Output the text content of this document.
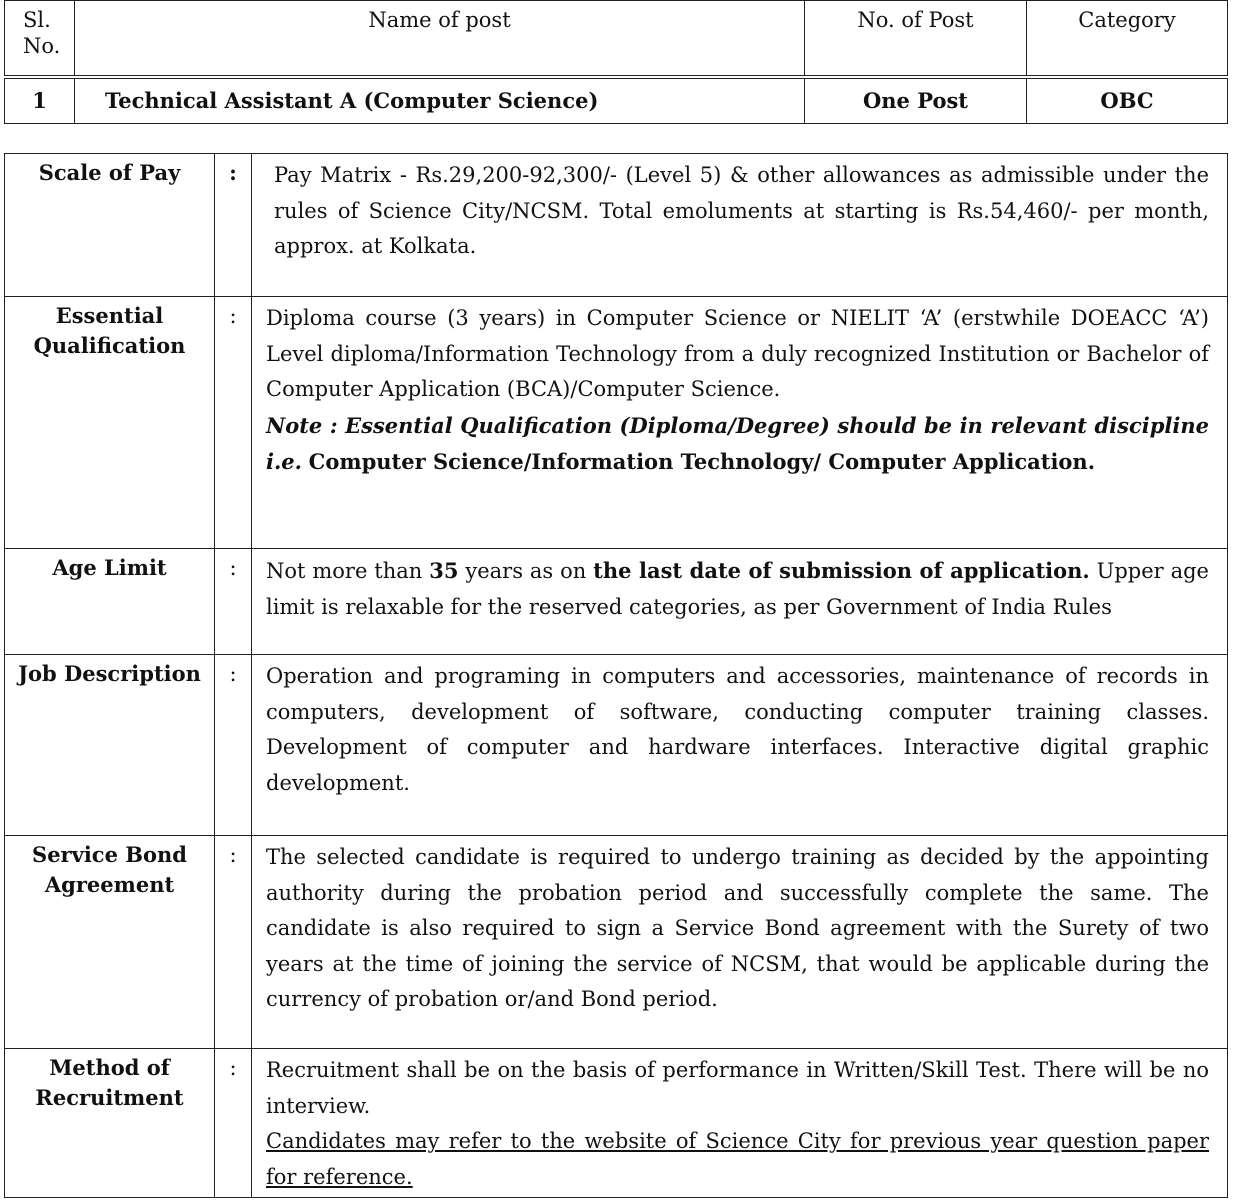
Sl.
No.	Name of post	No. of Post	Category
1	Technical Assistant A (Computer Science)	One Post	OBC
Scale of Pay	:	Pay Matrix - Rs.29,200-92,300/- (Level 5) & other allowances as admissible under the rules of Science City/NCSM. Total emoluments at starting is Rs.54,460/- per month, approx. at Kolkata.
Essential Qualification	:	Diploma course (3 years) in Computer Science or NIELIT ‘A’ (erstwhile DOEACC ‘A’) Level diploma/Information Technology from a duly recognized Institution or Bachelor of Computer Application (BCA)/Computer Science.
Note : Essential Qualification (Diploma/Degree) should be in relevant discipline i.e. Computer Science/Information Technology/ Computer Application.

Age Limit	:	Not more than 35 years as on the last date of submission of application. Upper age limit is relaxable for the reserved categories, as per Government of India Rules
Job Description	:	Operation and programing in computers and accessories, maintenance of records in computers, development of software, conducting computer training classes. Development of computer and hardware interfaces. Interactive digital graphic development.
Service Bond Agreement	:	The selected candidate is required to undergo training as decided by the appointing authority during the probation period and successfully complete the same. The candidate is also required to sign a Service Bond agreement with the Surety of two years at the time of joining the service of NCSM, that would be applicable during the currency of probation or/and Bond period.
Method of Recruitment	:	Recruitment shall be on the basis of performance in Written/Skill Test. There will be no interview.
Candidates may refer to the website of Science City for previous year question paper for reference.
